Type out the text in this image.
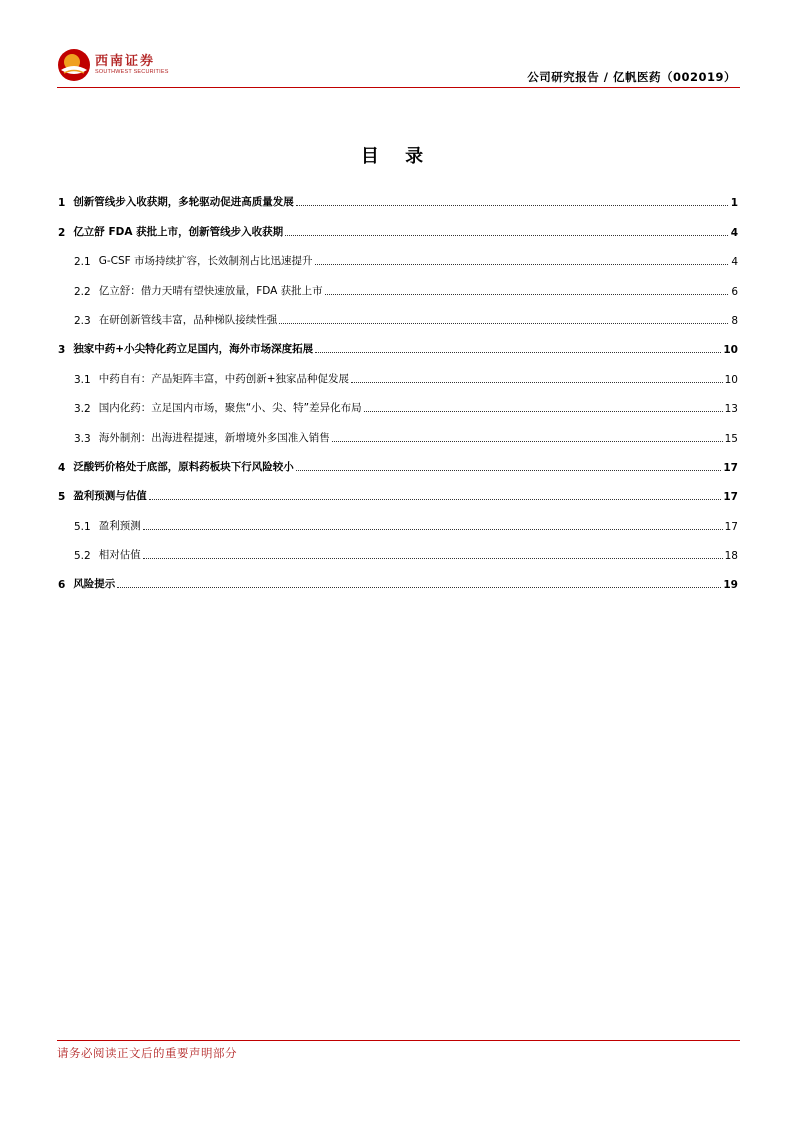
西南证券
SOUTHWEST SECURITIES	公司研究报告 / 亿帆医药（002019）
目 录
1 创新管线步入收获期，多轮驱动促进高质量发展	1
2 亿立舒 FDA 获批上市，创新管线步入收获期	4
2.1 G-CSF 市场持续扩容，长效制剂占比迅速提升	4
2.2 亿立舒：借力天晴有望快速放量，FDA 获批上市	6
2.3 在研创新管线丰富，品种梯队接续性强	8
3 独家中药+小尖特化药立足国内，海外市场深度拓展	10
3.1 中药自有：产品矩阵丰富，中药创新+独家品种促发展	10
3.2 国内化药：立足国内市场，聚焦“小、尖、特”差异化布局	13
3.3 海外制剂：出海进程提速，新增境外多国准入销售	15
4 泛酸钙价格处于底部，原料药板块下行风险较小	17
5 盈利预测与估值	17
5.1 盈利预测	17
5.2 相对估值	18
6 风险提示	19
请务必阅读正文后的重要声明部分
